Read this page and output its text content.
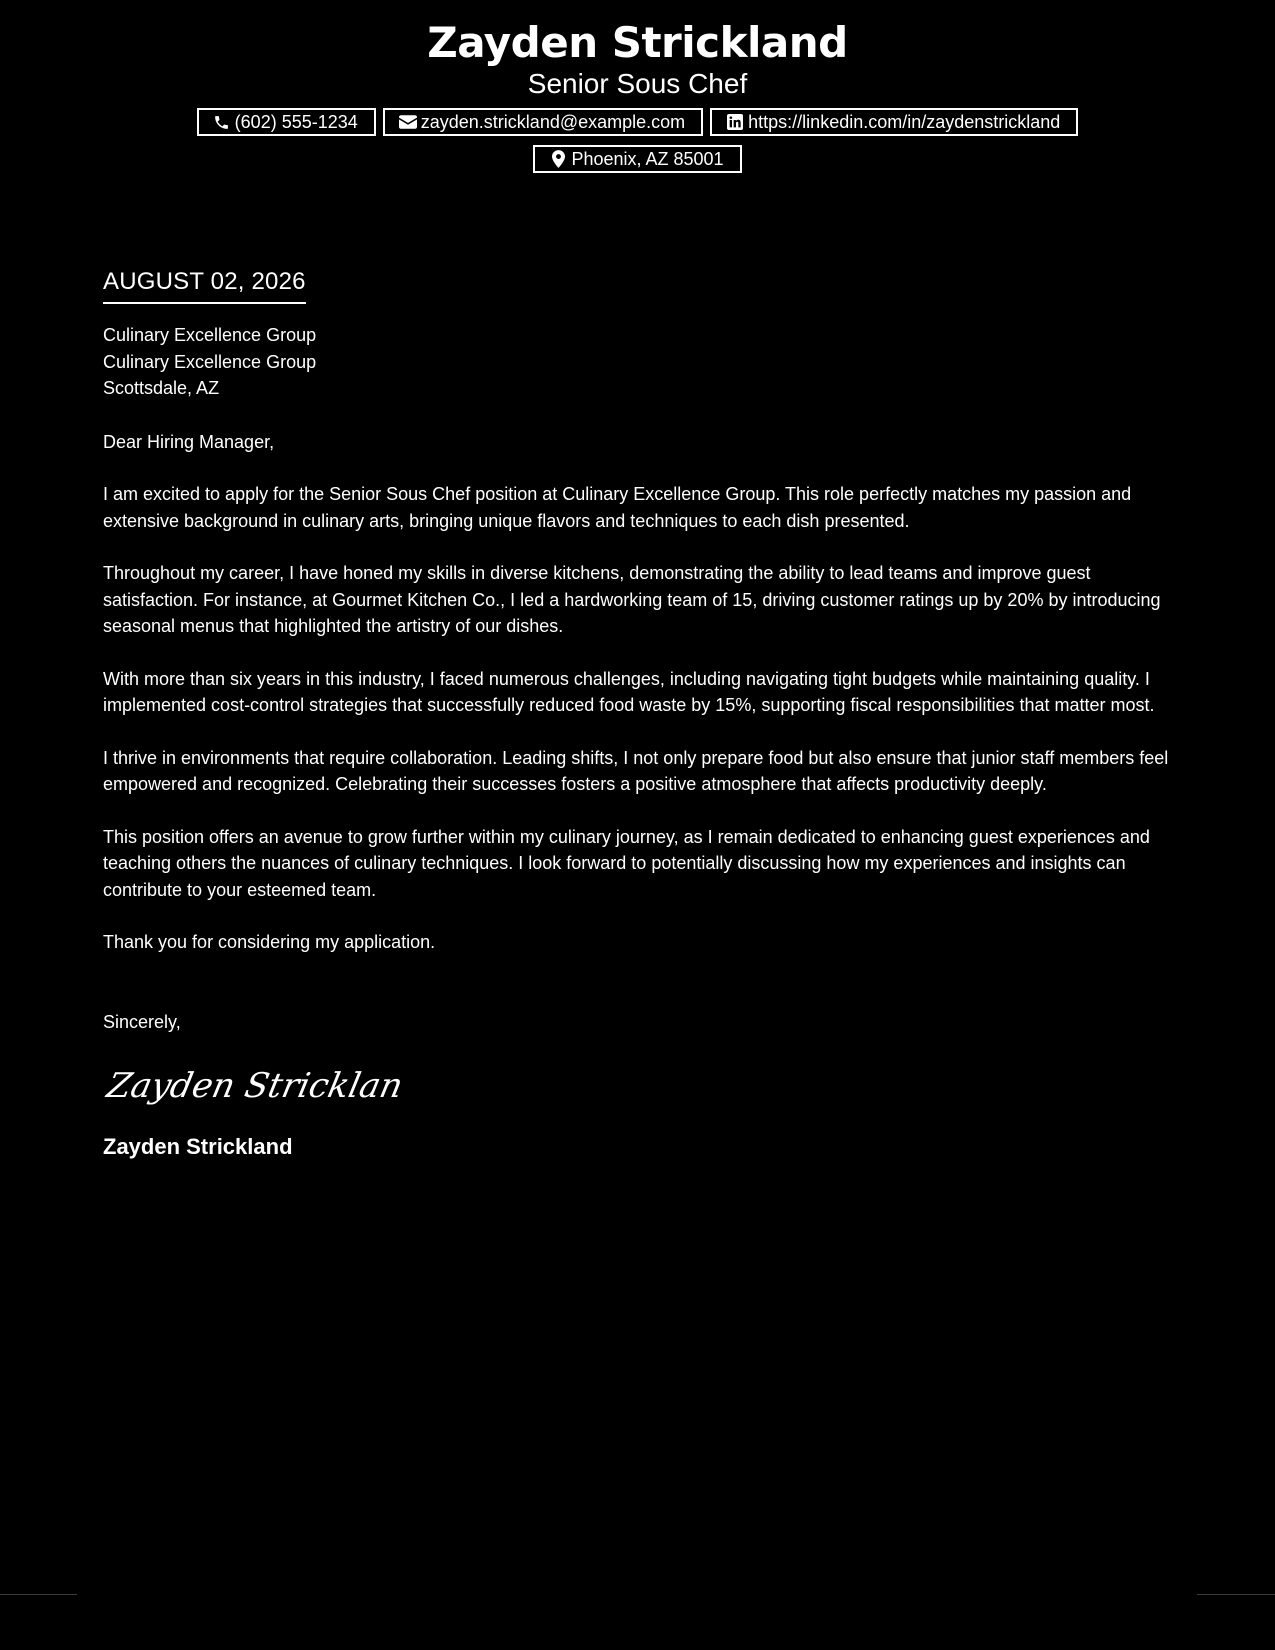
Zayden Strickland
Senior Sous Chef
(602) 555-1234	zayden.strickland@example.com	https://linkedin.com/in/zaydenstrickland
Phoenix, AZ 85001
AUGUST 02, 2026
Culinary Excellence Group
Culinary Excellence Group
Scottsdale, AZ
Dear Hiring Manager,
I am excited to apply for the Senior Sous Chef position at Culinary Excellence Group. This role perfectly matches my passion and extensive background in culinary arts, bringing unique flavors and techniques to each dish presented.
Throughout my career, I have honed my skills in diverse kitchens, demonstrating the ability to lead teams and improve guest satisfaction. For instance, at Gourmet Kitchen Co., I led a hardworking team of 15, driving customer ratings up by 20% by introducing seasonal menus that highlighted the artistry of our dishes.
With more than six years in this industry, I faced numerous challenges, including navigating tight budgets while maintaining quality. I implemented cost-control strategies that successfully reduced food waste by 15%, supporting fiscal responsibilities that matter most.
I thrive in environments that require collaboration. Leading shifts, I not only prepare food but also ensure that junior staff members feel empowered and recognized. Celebrating their successes fosters a positive atmosphere that affects productivity deeply.
This position offers an avenue to grow further within my culinary journey, as I remain dedicated to enhancing guest experiences and teaching others the nuances of culinary techniques. I look forward to potentially discussing how my experiences and insights can contribute to your esteemed team.
Thank you for considering my application.
Sincerely,
Zayden Stricklan
Zayden Strickland
